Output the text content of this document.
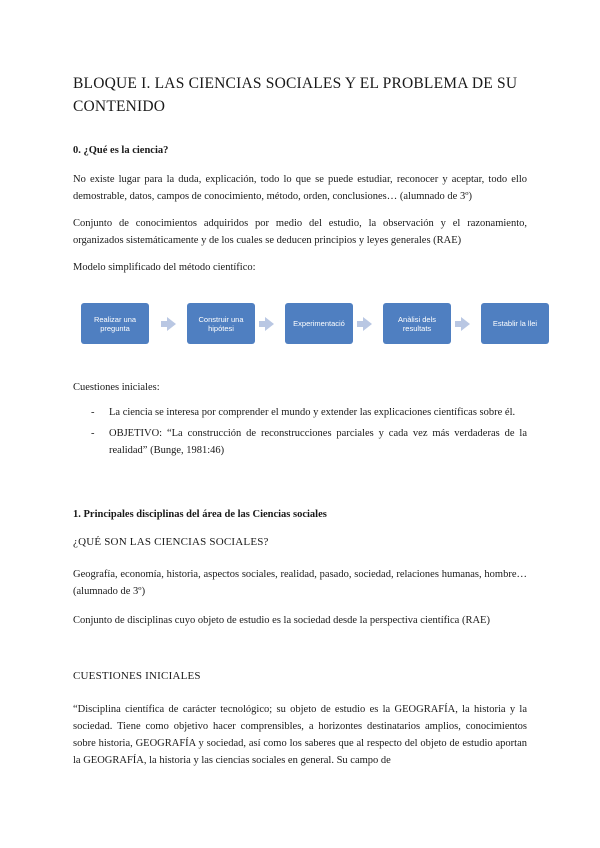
BLOQUE I. LAS CIENCIAS SOCIALES Y EL PROBLEMA DE SU CONTENIDO

0. ¿Qué es la ciencia?

No existe lugar para la duda, explicación, todo lo que se puede estudiar, reconocer y aceptar, todo ello demostrable, datos, campos de conocimiento, método, orden, conclusiones… (alumnado de 3º)

Conjunto de conocimientos adquiridos por medio del estudio, la observación y el razonamiento, organizados sistemáticamente y de los cuales se deducen principios y leyes generales (RAE)

Modelo simplificado del método científico:

Realizar una pregunta
Construir una hipótesi	Experimentació	Anàlisi dels resultats	Establir la llei

Cuestiones iniciales:

- La ciencia se interesa por comprender el mundo y extender las explicaciones científicas sobre él.
- OBJETIVO: “La construcción de reconstrucciones parciales y cada vez más verdaderas de la realidad” (Bunge, 1981:46)

1. Principales disciplinas del área de las Ciencias sociales

¿QUÉ SON LAS CIENCIAS SOCIALES?

Geografía, economía, historia, aspectos sociales, realidad, pasado, sociedad, relaciones humanas, hombre… (alumnado de 3º)

Conjunto de disciplinas cuyo objeto de estudio es la sociedad desde la perspectiva científica (RAE)

CUESTIONES INICIALES

“Disciplina científica de carácter tecnológico; su objeto de estudio es la GEOGRAFÍA, la historia y la sociedad. Tiene como objetivo hacer comprensibles, a horizontes destinatarios amplios, conocimientos sobre historia, GEOGRAFÍA y sociedad, así como los saberes que al respecto del objeto de estudio aportan la GEOGRAFÍA, la historia y las ciencias sociales en general. Su campo de
